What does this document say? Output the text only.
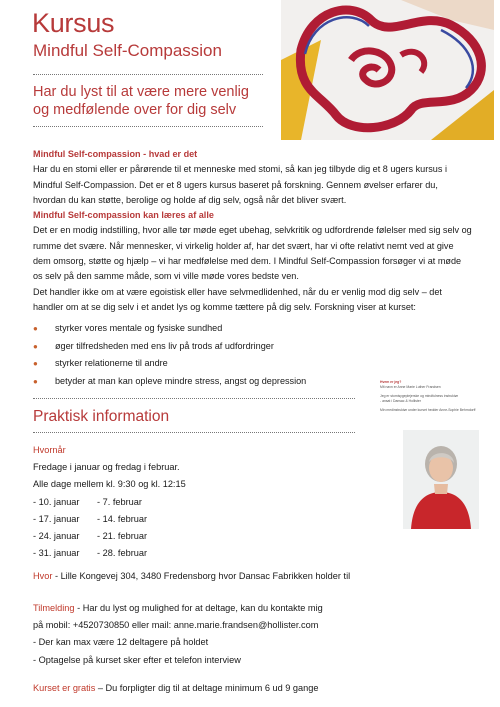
Kursus
Mindful Self-Compassion
Har du lyst til at være mere venlig
og medfølende over for dig selv
Mindful Self-compassion - hvad er det
Har du en stomi eller er pårørende til et menneske med stomi, så kan jeg tilbyde dig et 8 ugers kursus i Mindful Self-Compassion. Det er et 8 ugers kursus baseret på forskning. Gennem øvelser erfarer du, hvordan du kan støtte, berolige og holde af dig selv, også når det bliver svært.
Mindful Self-compassion kan læres af alle
Det er en modig indstilling, hvor alle tør møde eget ubehag, selvkritik og udfordrende følelser med sig selv og rumme det svære. Når mennesker, vi virkelig holder af, har det svært, har vi ofte relativt nemt ved at give dem omsorg, støtte og hjælp – vi har medfølelse med dem. I Mindful Self-Compassion forsøger vi at møde os selv på den samme måde, som vi ville møde vores bedste ven.
Det handler ikke om at være egoistisk eller have selvmedlidenhed, når du er venlig mod dig selv – det handler om at se dig selv i et andet lys og komme tættere på dig selv. Forskning viser at kurset:
● styrker vores mentale og fysiske sundhed
● øger tilfredsheden med ens liv på trods af udfordringer
● styrker relationerne til andre
● betyder at man kan opleve mindre stress, angst og depression	Hvem er jeg?
Mit navn er Anne Marie Luther Frandsen
Jeg er stomisygeplejerske og mindfulness instruktør
- ansat i Dansac & Hollister
Min medinstruktør under kurset hedder Anne-Sophie Behrndorff
Praktisk information
Hvornår
Fredage i januar og fredag i februar.
Alle dage mellem kl. 9:30 og kl. 12:15
- 10. januar - 7. februar
- 17. januar - 14. februar
- 24. januar - 21. februar
- 31. januar - 28. februar
Hvor - Lille Kongevej 304, 3480 Fredensborg hvor Dansac Fabrikken holder til
Tilmelding - Har du lyst og mulighed for at deltage, kan du kontakte mig
på mobil: +4520730850 eller mail: anne.marie.frandsen@hollister.com
- Der kan max være 12 deltagere på holdet
- Optagelse på kurset sker efter et telefon interview
Kurset er gratis – Du forpligter dig til at deltage minimum 6 ud 9 gange
